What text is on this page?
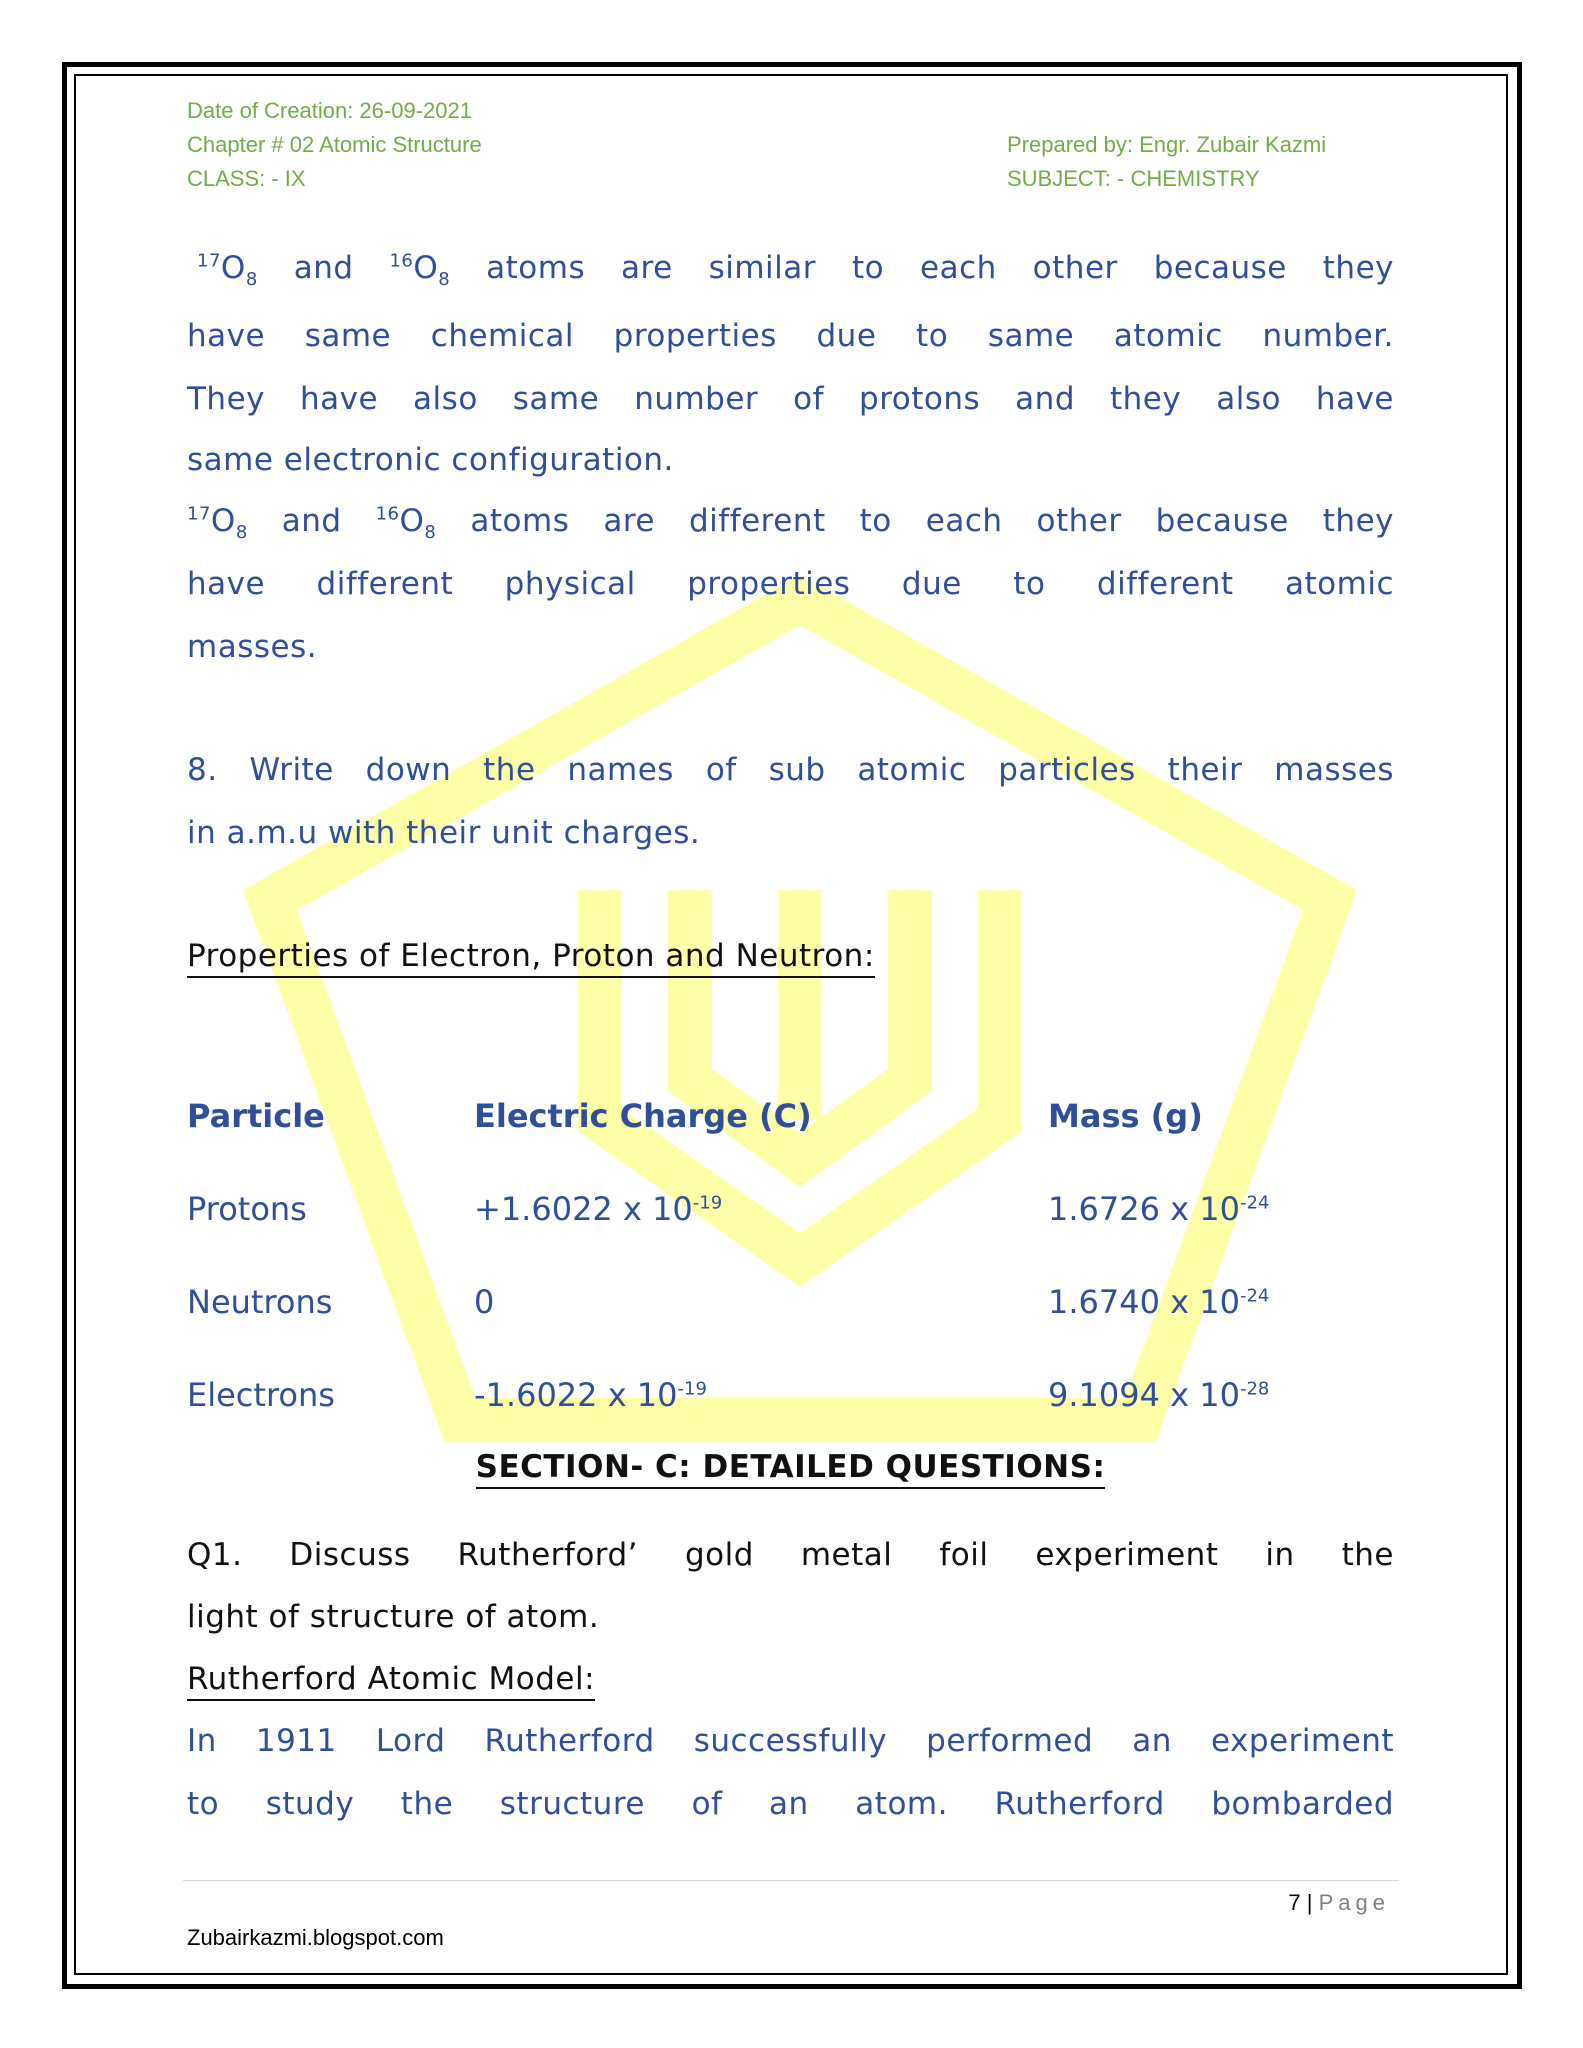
Date of Creation: 26-09-2021
Chapter # 02 Atomic Structure
CLASS: - IX
Prepared by: Engr. Zubair Kazmi
SUBJECT: - CHEMISTRY
$^{17}O_8$ and $^{16}O_8$ atoms are similar to each other because they
have same chemical properties due to same atomic number.
They have also same number of protons and they also have
same electronic configuration.
$^{17}O_8$ and $^{16}O_8$ atoms are different to each other because they
have different physical properties due to different atomic
masses.
8. Write down the names of sub atomic particles their masses
in a.m.u with their unit charges.
Properties of Electron, Proton and Neutron:
Particle	Electric Charge (C)	Mass (g)
Protons	+1.6022 x $10^{-19}$	1.6726 x $10^{-24}$
Neutrons	0	1.6740 x $10^{-24}$
Electrons	-1.6022 x $10^{-19}$	9.1094 x $10^{-28}$
SECTION- C: DETAILED QUESTIONS:
Q1. Discuss Rutherford’ gold metal foil experiment in the
light of structure of atom.
Rutherford Atomic Model:
In 1911 Lord Rutherford successfully performed an experiment
to study the structure of an atom. Rutherford bombarded
7 | Page
Zubairkazmi.blogspot.com
